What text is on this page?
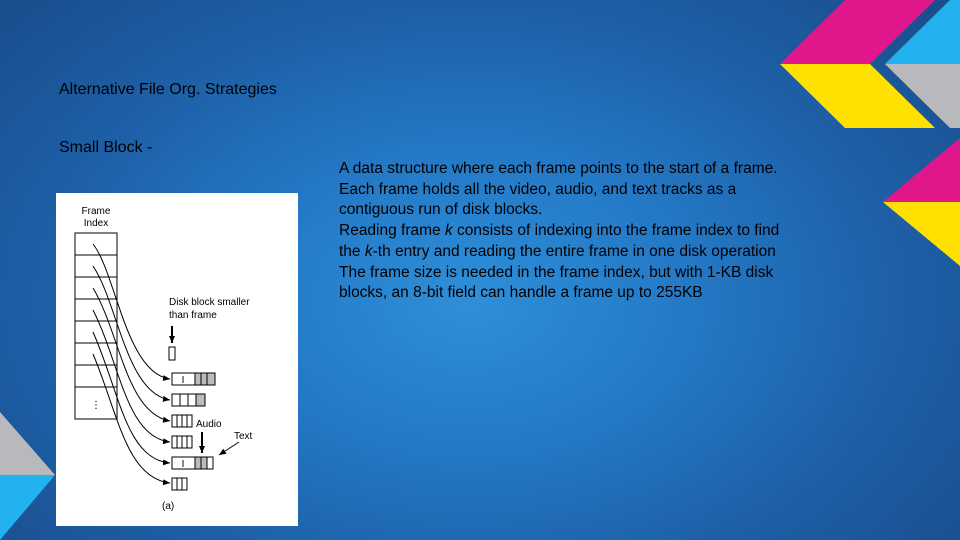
Alternative File Org. Strategies
Small Block -

A data structure where each frame points to the start of a frame.

Each frame holds all the video, audio, and text tracks as a

contiguous run of disk blocks.

Reading frame k consists of indexing into the frame index to find

the k-th entry and reading the entire frame in one disk operation

The frame size is needed in the frame index, but with 1-KB disk

blocks, an 8-bit field can handle a frame up to 255KB

Frame
Index
⋮
Disk block smaller
than frame
I
Audio
Text
I
(a)
